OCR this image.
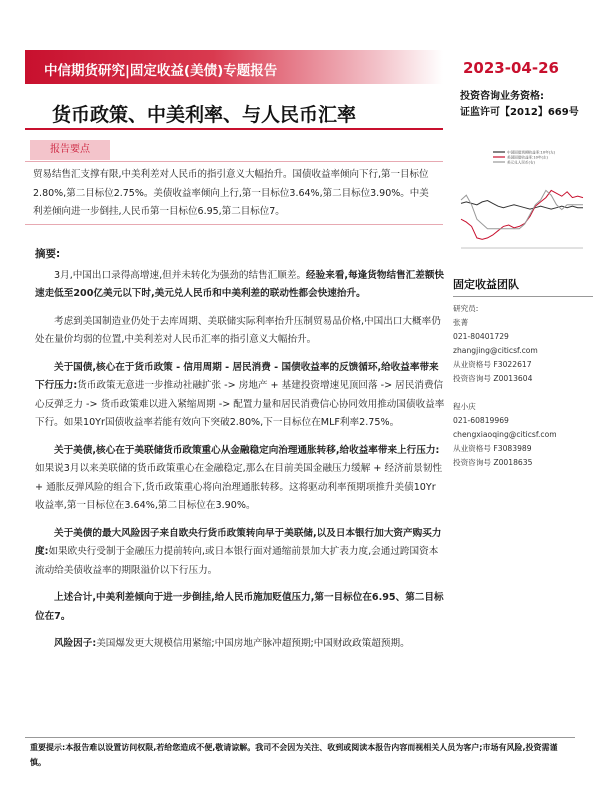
中信期货研究|固定收益(美债)专题报告	2023-04-26
货币政策、中美利率、与人民币汇率
投资咨询业务资格:
证监许可【2012】669号
报告要点

贸易结售汇支撑有限,中美利差对人民币的指引意义大幅抬升。国债收益率倾向下行,第一目标位2.80%,第二目标位2.75%。美债收益率倾向上行,第一目标位3.64%,第二目标位3.90%。中美利差倾向进一步倒挂,人民币第一目标位6.95,第二目标位7。

中国国债到期收益率:10年(左)
美国国债收益率:10年(左)
美元兑人民币(右)
摘要:

3月,中国出口录得高增速,但并未转化为强劲的结售汇顺差。经验来看,每逢货物结售汇差额快速走低至200亿美元以下时,美元兑人民币和中美利差的联动性都会快速抬升。

考虑到美国制造业仍处于去库周期、美联储实际利率抬升压制贸易品价格,中国出口大概率仍处在量价均弱的位置,中美利差对人民币汇率的指引意义大幅抬升。

关于国债,核心在于货币政策 - 信用周期 - 居民消费 - 国债收益率的反馈循环,给收益率带来下行压力:货币政策无意进一步推动社融扩张 -> 房地产 + 基建投资增速见顶回落 -> 居民消费信心反弹乏力 -> 货币政策难以进入紧缩周期 -> 配置力量和居民消费信心协同效用推动国债收益率下行。如果10Yr国债收益率若能有效向下突破2.80%,下一目标位在MLF利率2.75%。

关于美债,核心在于美联储货币政策重心从金融稳定向治理通胀转移,给收益率带来上行压力:如果说3月以来美联储的货币政策重心在金融稳定,那么在目前美国金融压力缓解 + 经济前景韧性 + 通胀反弹风险的组合下,货币政策重心将向治理通胀转移。这将驱动利率预期项推升美债10Yr收益率,第一目标位在3.64%,第二目标位在3.90%。

关于美债的最大风险因子来自欧央行货币政策转向早于美联储,以及日本银行加大资产购买力度:如果欧央行受制于金融压力提前转向,或日本银行面对通缩前景加大扩表力度,会通过跨国资本流动给美债收益率的期限溢价以下行压力。

上述合计,中美利差倾向于进一步倒挂,给人民币施加贬值压力,第一目标位在6.95、第二目标位在7。

风险因子:美国爆发更大规模信用紧缩;中国房地产脉冲超预期;中国财政政策超预期。

固定收益团队
研究员:
张菁
021-80401729
zhangjing@citicsf.com
从业资格号 F3022617
投资咨询号 Z0013604
程小庆
021-60819969
chengxiaoqing@citicsf.com
从业资格号 F3083989
投资咨询号 Z0018635
重要提示:本报告难以设置访问权限,若给您造成不便,敬请谅解。我司不会因为关注、收到或阅读本报告内容而视相关人员为客户;市场有风险,投资需谨慎。
